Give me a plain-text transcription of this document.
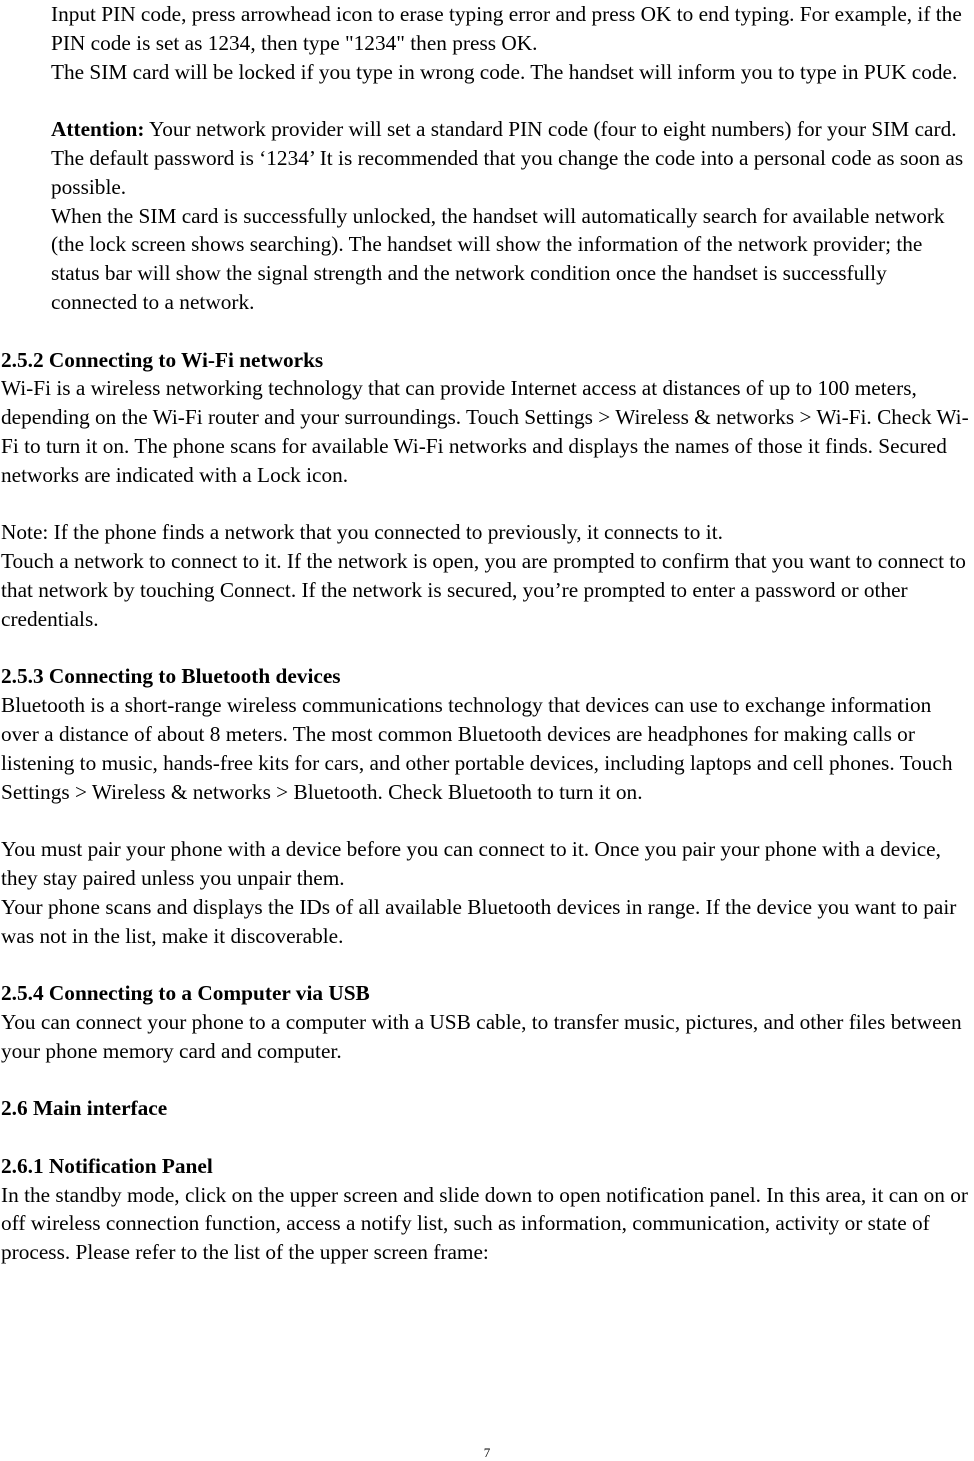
Input PIN code, press arrowhead icon to erase typing error and press OK to end typing. For example, if the PIN code is set as 1234, then type "1234" then press OK.

The SIM card will be locked if you type in wrong code. The handset will inform you to type in PUK code.

Attention: Your network provider will set a standard PIN code (four to eight numbers) for your SIM card. The default password is ‘1234’ It is recommended that you change the code into a personal code as soon as possible.

When the SIM card is successfully unlocked, the handset will automatically search for available network (the lock screen shows searching). The handset will show the information of the network provider; the status bar will show the signal strength and the network condition once the handset is successfully connected to a network.

2.5.2 Connecting to Wi-Fi networks

Wi-Fi is a wireless networking technology that can provide Internet access at distances of up to 100 meters, depending on the Wi-Fi router and your surroundings. Touch Settings > Wireless & networks > Wi-Fi. Check Wi-Fi to turn it on. The phone scans for available Wi-Fi networks and displays the names of those it finds. Secured networks are indicated with a Lock icon.

Note: If the phone finds a network that you connected to previously, it connects to it.

Touch a network to connect to it. If the network is open, you are prompted to confirm that you want to connect to that network by touching Connect. If the network is secured, you’re prompted to enter a password or other credentials.

2.5.3 Connecting to Bluetooth devices

Bluetooth is a short-range wireless communications technology that devices can use to exchange information over a distance of about 8 meters. The most common Bluetooth devices are headphones for making calls or listening to music, hands-free kits for cars, and other portable devices, including laptops and cell phones. Touch Settings > Wireless & networks > Bluetooth. Check Bluetooth to turn it on.

You must pair your phone with a device before you can connect to it. Once you pair your phone with a device, they stay paired unless you unpair them.

Your phone scans and displays the IDs of all available Bluetooth devices in range. If the device you want to pair was not in the list, make it discoverable.

2.5.4 Connecting to a Computer via USB

You can connect your phone to a computer with a USB cable, to transfer music, pictures, and other files between your phone memory card and computer.

2.6 Main interface

2.6.1 Notification Panel

In the standby mode, click on the upper screen and slide down to open notification panel. In this area, it can on or off wireless connection function, access a notify list, such as information, communication, activity or state of process. Please refer to the list of the upper screen frame:

7
